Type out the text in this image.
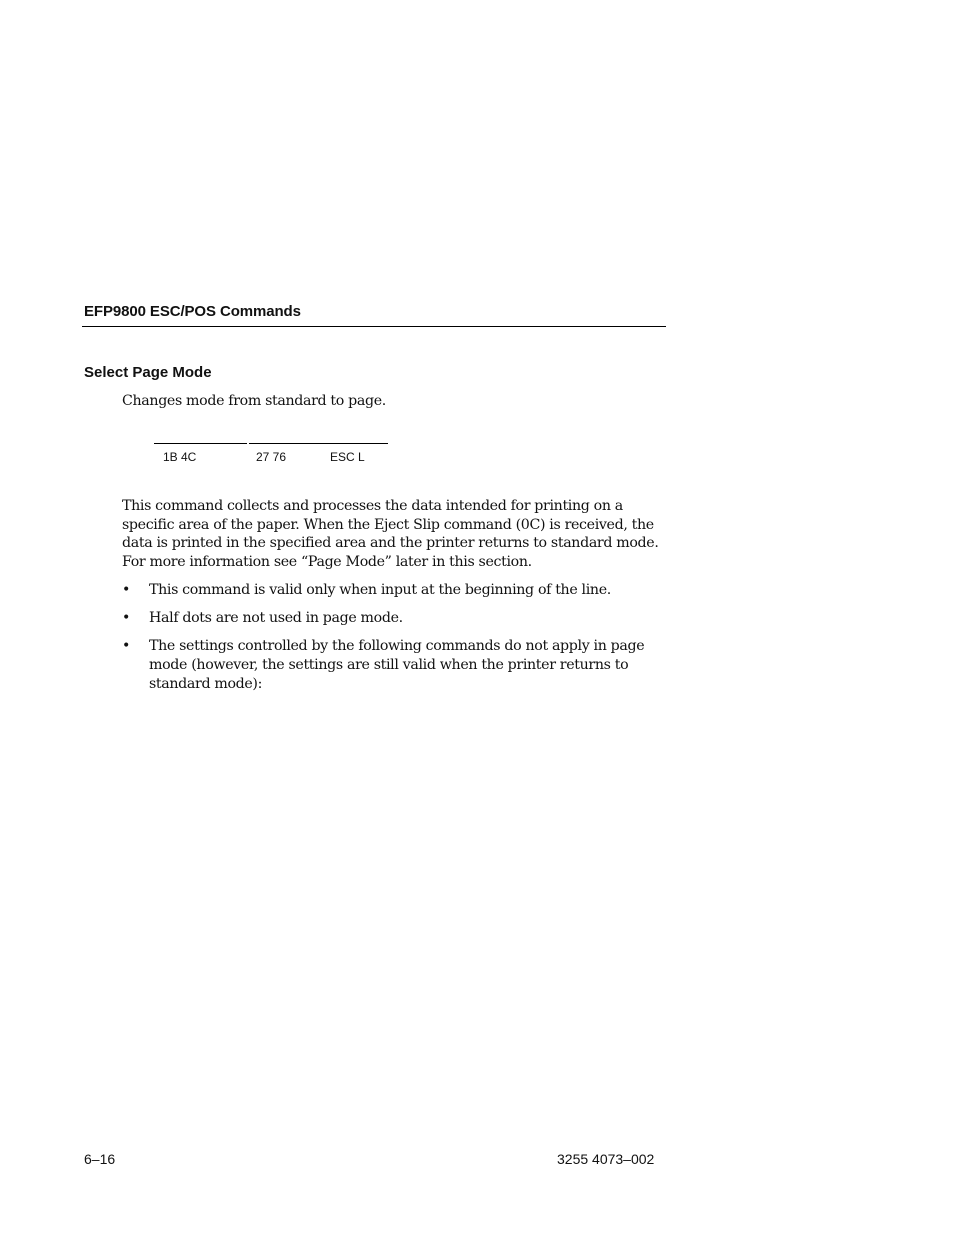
EFP9800 ESC/POS Commands
Select Page Mode
Changes mode from standard to page.
1B 4C	27 76	ESC L
This command collects and processes the data intended for printing on a
specific area of the paper. When the Eject Slip command (0C) is received, the
data is printed in the specified area and the printer returns to standard mode.
For more information see “Page Mode” later in this section.
• This command is valid only when input at the beginning of the line.
• Half dots are not used in page mode.
• The settings controlled by the following commands do not apply in page
mode (however, the settings are still valid when the printer returns to
standard mode):
6–16	3255 4073–002
